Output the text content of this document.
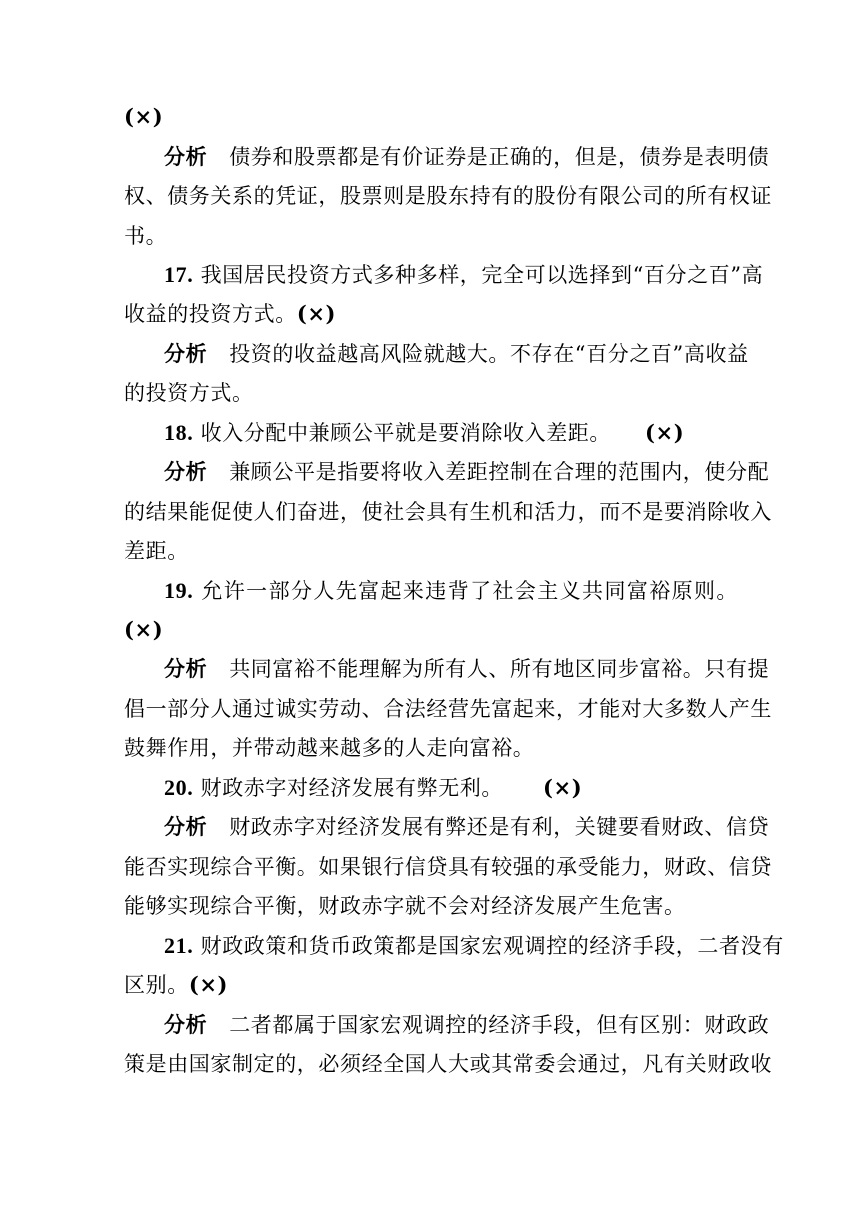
(×)
分析 债券和股票都是有价证券是正确的，但是，债券是表明债
权、债务关系的凭证，股票则是股东持有的股份有限公司的所有权证
书。
17. 我国居民投资方式多种多样，完全可以选择到“百分之百”高
收益的投资方式。(×)
分析 投资的收益越高风险就越大。不存在“百分之百”高收益
的投资方式。
18. 收入分配中兼顾公平就是要消除收入差距。 (×)
分析 兼顾公平是指要将收入差距控制在合理的范围内，使分配
的结果能促使人们奋进，使社会具有生机和活力，而不是要消除收入
差距。
19. 允许一部分人先富起来违背了社会主义共同富裕原则。
(×)
分析 共同富裕不能理解为所有人、所有地区同步富裕。只有提
倡一部分人通过诚实劳动、合法经营先富起来，才能对大多数人产生
鼓舞作用，并带动越来越多的人走向富裕。
20. 财政赤字对经济发展有弊无利。 (×)
分析 财政赤字对经济发展有弊还是有利，关键要看财政、信贷
能否实现综合平衡。如果银行信贷具有较强的承受能力，财政、信贷
能够实现综合平衡，财政赤字就不会对经济发展产生危害。
21. 财政政策和货币政策都是国家宏观调控的经济手段，二者没有
区别。(×)
分析 二者都属于国家宏观调控的经济手段，但有区别：财政政
策是由国家制定的，必须经全国人大或其常委会通过，凡有关财政收
